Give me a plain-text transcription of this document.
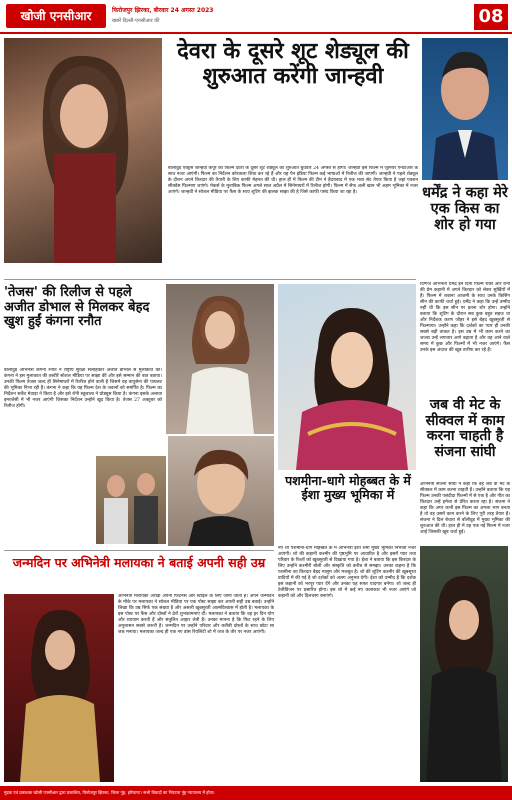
खोजी एनसीआर	फिरोजपुर झिरका, बीरवार 24 अगस्त 2023
खबरें दिल्ली-एनसीआर की	08
देवरा के दूसरे शूट शेड्यूल की शुरुआत करेंगी जान्हवी
बॉलीवुड एक्ट्रेस जान्हवी कपूर की फिल्म देवरा के दूसरे शूट शेड्यूल की शुरुआत बुधवार 24 अगस्त से होगी। जान्हवी इस फिल्म में जूनियर एनटीआर के साथ नजर आएंगी। फिल्म का निर्देशन कोरताला शिवा कर रहे हैं और यह पैन इंडिया फिल्म कई भाषाओं में रिलीज की जाएगी। जान्हवी ने पहले शेड्यूल के दौरान अपने किरदार की तैयारी के लिए काफी मेहनत की थी। हाल ही में फिल्म की टीम ने हैदराबाद में एक भव्य सेट तैयार किया है जहां एक्शन सीक्वेंस फिल्माए जाएंगे। मेकर्स के मुताबिक फिल्म अगले साल अप्रैल में सिनेमाघरों में रिलीज होगी। फिल्म में सैफ अली खान भी अहम भूमिका में नजर आएंगे। जान्हवी ने सोशल मीडिया पर फैंस के साथ शूटिंग की झलक साझा की है जिसे काफी पसंद किया जा रहा है।	धर्मेंद्र ने कहा मेरे एक किस का शोर हो गया
दिग्गज अभिनेता धर्मेंद्र इन दिनों फिल्म रॉकी और रानी की प्रेम कहानी में अपने किरदार को लेकर सुर्खियों में हैं। फिल्म में शबाना आजमी के साथ उनके किसिंग सीन की काफी चर्चा हुई। धर्मेंद्र ने कहा कि उन्हें उम्मीद नहीं थी कि इस सीन पर इतना शोर होगा। उन्होंने बताया कि शूटिंग के दौरान सब कुछ बहुत सहज था और निर्देशक करण जौहर ने इसे बेहद खूबसूरती से फिल्माया। उन्होंने कहा कि दर्शकों का प्यार ही उनकी सबसे बड़ी ताकत है। इस उम्र में भी काम करने का जज्बा उन्हें लगातार आगे बढ़ाता है और वह आने वाले समय में कुछ और फिल्मों में भी नजर आएंगे। फैंस उनके इस अंदाज की खूब तारीफ कर रहे हैं।
'तेजस' की रिलीज से पहले अजीत डोभाल से मिलकर बेहद खुश हुईं कंगना रनौत
बॉलीवुड अभिनेत्री कंगना रनौत ने राष्ट्रीय सुरक्षा सलाहकार अजीत डोभाल से मुलाकात की। कंगना ने इस मुलाकात की तस्वीरें सोशल मीडिया पर साझा कीं और इसे सम्मान की बात बताया। उनकी फिल्म तेजस जल्द ही सिनेमाघरों में रिलीज होने वाली है जिसमें वह वायुसेना की पायलट की भूमिका निभा रही हैं। कंगना ने कहा कि यह फिल्म देश के जवानों को समर्पित है। फिल्म का निर्देशन सर्वेश मेवाड़ा ने किया है और इसे रॉनी स्क्रूवाला ने प्रोड्यूस किया है। कंगना इसके अलावा इमरजेंसी में भी नजर आएंगी जिसका निर्देशन उन्होंने खुद किया है। तेजस 27 अक्टूबर को रिलीज होगी।
पशमीना-धागे मोहब्बत के में ईशा मुख्य भूमिका में
नए शो पशमीना-धागे मोहब्बत के में अभिनेत्री ईशा शर्मा मुख्य भूमिका निभाती नजर आएंगी। शो की कहानी कश्मीर की पृष्ठभूमि पर आधारित है और इसमें प्यार तथा परिवार के रिश्तों को खूबसूरती से दिखाया गया है। ईशा ने बताया कि इस किरदार के लिए उन्होंने कश्मीरी बोली और संस्कृति को करीब से समझा। उनका कहना है कि पशमीना का किरदार बेहद मासूम और मजबूत है। शो की शूटिंग कश्मीर की खूबसूरत वादियों में की गई है जो दर्शकों को अलग अनुभव देगी। ईशा को उम्मीद है कि दर्शक इस कहानी को भरपूर प्यार देंगे और उनका यह सफर यादगार बनेगा। शो जल्द ही टेलीविजन पर प्रसारित होगा। इस शो में कई नए कलाकार भी नजर आएंगे जो कहानी को और दिलचस्प बनाएंगे।
जब वी मेट के सीक्वल में काम करना चाहती है संजना सांघी
अभिनेत्री संजना सांघी ने कहा कि वह जब वी मेट के सीक्वल में काम करना चाहती हैं। उन्होंने बताया कि यह फिल्म उनकी पसंदीदा फिल्मों में से एक है और गीत का किरदार उन्हें हमेशा से प्रेरित करता रहा है। संजना ने कहा कि अगर कभी इस फिल्म का अगला भाग बनता है तो वह उसमें काम करने के लिए पूरी तरह तैयार हैं। संजना ने दिल बेचारा से बॉलीवुड में मुख्य भूमिका की शुरुआत की थी। हाल ही में वह एक नई फिल्म में नजर आईं जिसकी खूब चर्चा हुई।
जन्मदिन पर अभिनेत्री मलायका ने बताई अपनी सही उम्र
अभिनेत्री मलायका अरोड़ा अपनी फिटनेस और स्टाइल के लिए जानी जाती हैं। अपने जन्मदिन के मौके पर मलायका ने सोशल मीडिया पर एक पोस्ट साझा कर अपनी सही उम्र बताई। उन्होंने लिखा कि उम्र सिर्फ एक संख्या है और असली खूबसूरती आत्मविश्वास में होती है। मलायका के इस पोस्ट पर फैंस और दोस्तों ने ढेरों शुभकामनाएं दीं। मलायका ने बताया कि वह हर दिन योग और व्यायाम करती हैं और संतुलित आहार लेती हैं। उनका मानना है कि फिट रहने के लिए अनुशासन सबसे जरूरी है। जन्मदिन पर उन्होंने परिवार और करीबी दोस्तों के साथ छोटा सा जश्न मनाया। मलायका जल्द ही एक नए डांस रियलिटी शो में जज के तौर पर नजर आएंगी।
मुद्रक एवं प्रकाशक खोजी एनसीआर द्वारा प्रकाशित, फिरोजपुर झिरका, जिला नूंह, हरियाणा। सभी विवादों का निपटारा नूंह न्यायालय में होगा।
